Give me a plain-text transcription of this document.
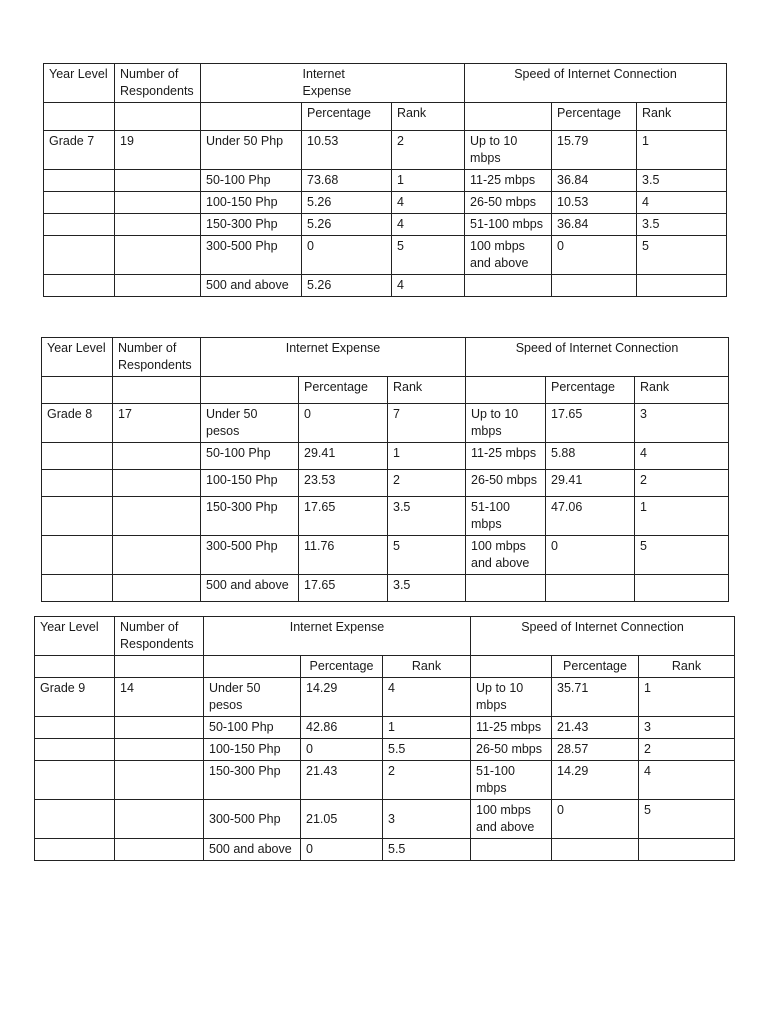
Year Level	Number of Respondents	Internet Expense			Speed of Internet Connection		
			Percentage	Rank		Percentage	Rank
Grade 7	19	Under 50 Php	10.53	2	Up to 10 mbps	15.79	1
		50-100 Php	73.68	1	11-25 mbps	36.84	3.5
		100-150 Php	5.26	4	26-50 mbps	10.53	4
		150-300 Php	5.26	4	51-100 mbps	36.84	3.5
		300-500 Php	0	5	100 mbps and above	0	5
		500 and above	5.26	4			
Year Level	Number of Respondents	Internet Expense			Speed of Internet Connection		
			Percentage	Rank		Percentage	Rank
Grade 8	17	Under 50 pesos	0	7	Up to 10 mbps	17.65	3
		50-100 Php	29.41	1	11-25 mbps	5.88	4
		100-150 Php	23.53	2	26-50 mbps	29.41	2
		150-300 Php	17.65	3.5	51-100 mbps	47.06	1
		300-500 Php	11.76	5	100 mbps and above	0	5
		500 and above	17.65	3.5			
Year Level	Number of Respondents	Internet Expense			Speed of Internet Connection		
			Percentage	Rank		Percentage	Rank
Grade 9	14	Under 50 pesos	14.29	4	Up to 10 mbps	35.71	1
		50-100 Php	42.86	1	11-25 mbps	21.43	3
		100-150 Php	0	5.5	26-50 mbps	28.57	2
		150-300 Php	21.43	2	51-100 mbps	14.29	4
		300-500 Php	21.05	3	100 mbps and above	0	5
		500 and above	0	5.5			
